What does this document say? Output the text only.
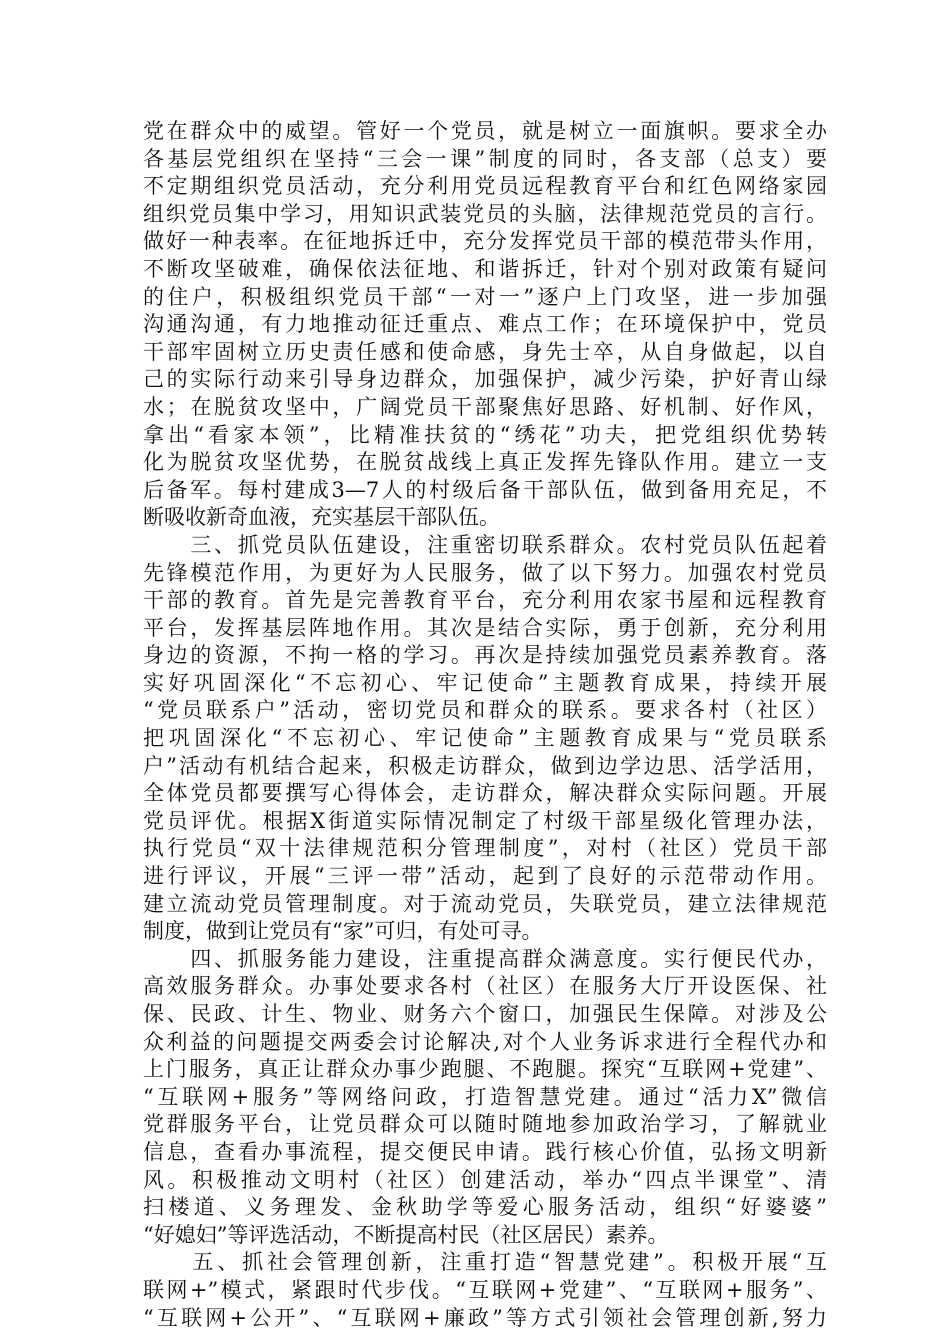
党在群众中的威望。管好一个党员，就是树立一面旗帜。要求全办
各基层党组织在坚持“三会一课”制度的同时，各支部（总支）要
不定期组织党员活动，充分利用党员远程教育平台和红色网络家园
组织党员集中学习，用知识武装党员的头脑，法律规范党员的言行。
做好一种表率。在征地拆迁中，充分发挥党员干部的模范带头作用，
不断攻坚破难，确保依法征地、和谐拆迁，针对个别对政策有疑问
的住户，积极组织党员干部“一对一”逐户上门攻坚，进一步加强
沟通沟通，有力地推动征迁重点、难点工作；在环境保护中，党员
干部牢固树立历史责任感和使命感，身先士卒，从自身做起，以自
己的实际行动来引导身边群众，加强保护，减少污染，护好青山绿
水；在脱贫攻坚中，广阔党员干部聚焦好思路、好机制、好作风，
拿出“看家本领”，比精准扶贫的“绣花”功夫，把党组织优势转
化为脱贫攻坚优势，在脱贫战线上真正发挥先锋队作用。建立一支
后备军。每村建成3—7人的村级后备干部队伍，做到备用充足，不
断吸收新奇血液，充实基层干部队伍。
　　三、抓党员队伍建设，注重密切联系群众。农村党员队伍起着
先锋模范作用，为更好为人民服务，做了以下努力。加强农村党员
干部的教育。首先是完善教育平台，充分利用农家书屋和远程教育
平台，发挥基层阵地作用。其次是结合实际，勇于创新，充分利用
身边的资源，不拘一格的学习。再次是持续加强党员素养教育。落
实好巩固深化“不忘初心、牢记使命”主题教育成果，持续开展
“党员联系户”活动，密切党员和群众的联系。要求各村（社区）
把巩固深化“不忘初心、牢记使命”主题教育成果与“党员联系
户”活动有机结合起来，积极走访群众，做到边学边思、活学活用，
全体党员都要撰写心得体会，走访群众，解决群众实际问题。开展
党员评优。根据X街道实际情况制定了村级干部星级化管理办法，
执行党员“双十法律规范积分管理制度”，对村（社区）党员干部
进行评议，开展“三评一带”活动，起到了良好的示范带动作用。
建立流动党员管理制度。对于流动党员，失联党员，建立法律规范
制度，做到让党员有“家”可归，有处可寻。
　　四、抓服务能力建设，注重提高群众满意度。实行便民代办，
高效服务群众。办事处要求各村（社区）在服务大厅开设医保、社
保、民政、计生、物业、财务六个窗口，加强民生保障。对涉及公
众利益的问题提交两委会讨论解决,对个人业务诉求进行全程代办和
上门服务，真正让群众办事少跑腿、不跑腿。探究“互联网+党建”、
“互联网+服务”等网络问政，打造智慧党建。通过“活力X”微信
党群服务平台，让党员群众可以随时随地参加政治学习，了解就业
信息，查看办事流程，提交便民申请。践行核心价值，弘扬文明新
风。积极推动文明村（社区）创建活动，举办“四点半课堂”、清
扫楼道、义务理发、金秋助学等爱心服务活动，组织“好婆婆”
“好媳妇”等评选活动，不断提高村民（社区居民）素养。
　　五、抓社会管理创新，注重打造“智慧党建”。积极开展“互
联网+”模式，紧跟时代步伐。“互联网+党建”、“互联网+服务”、
“互联网+公开”、“互联网+廉政”等方式引领社会管理创新,努力
